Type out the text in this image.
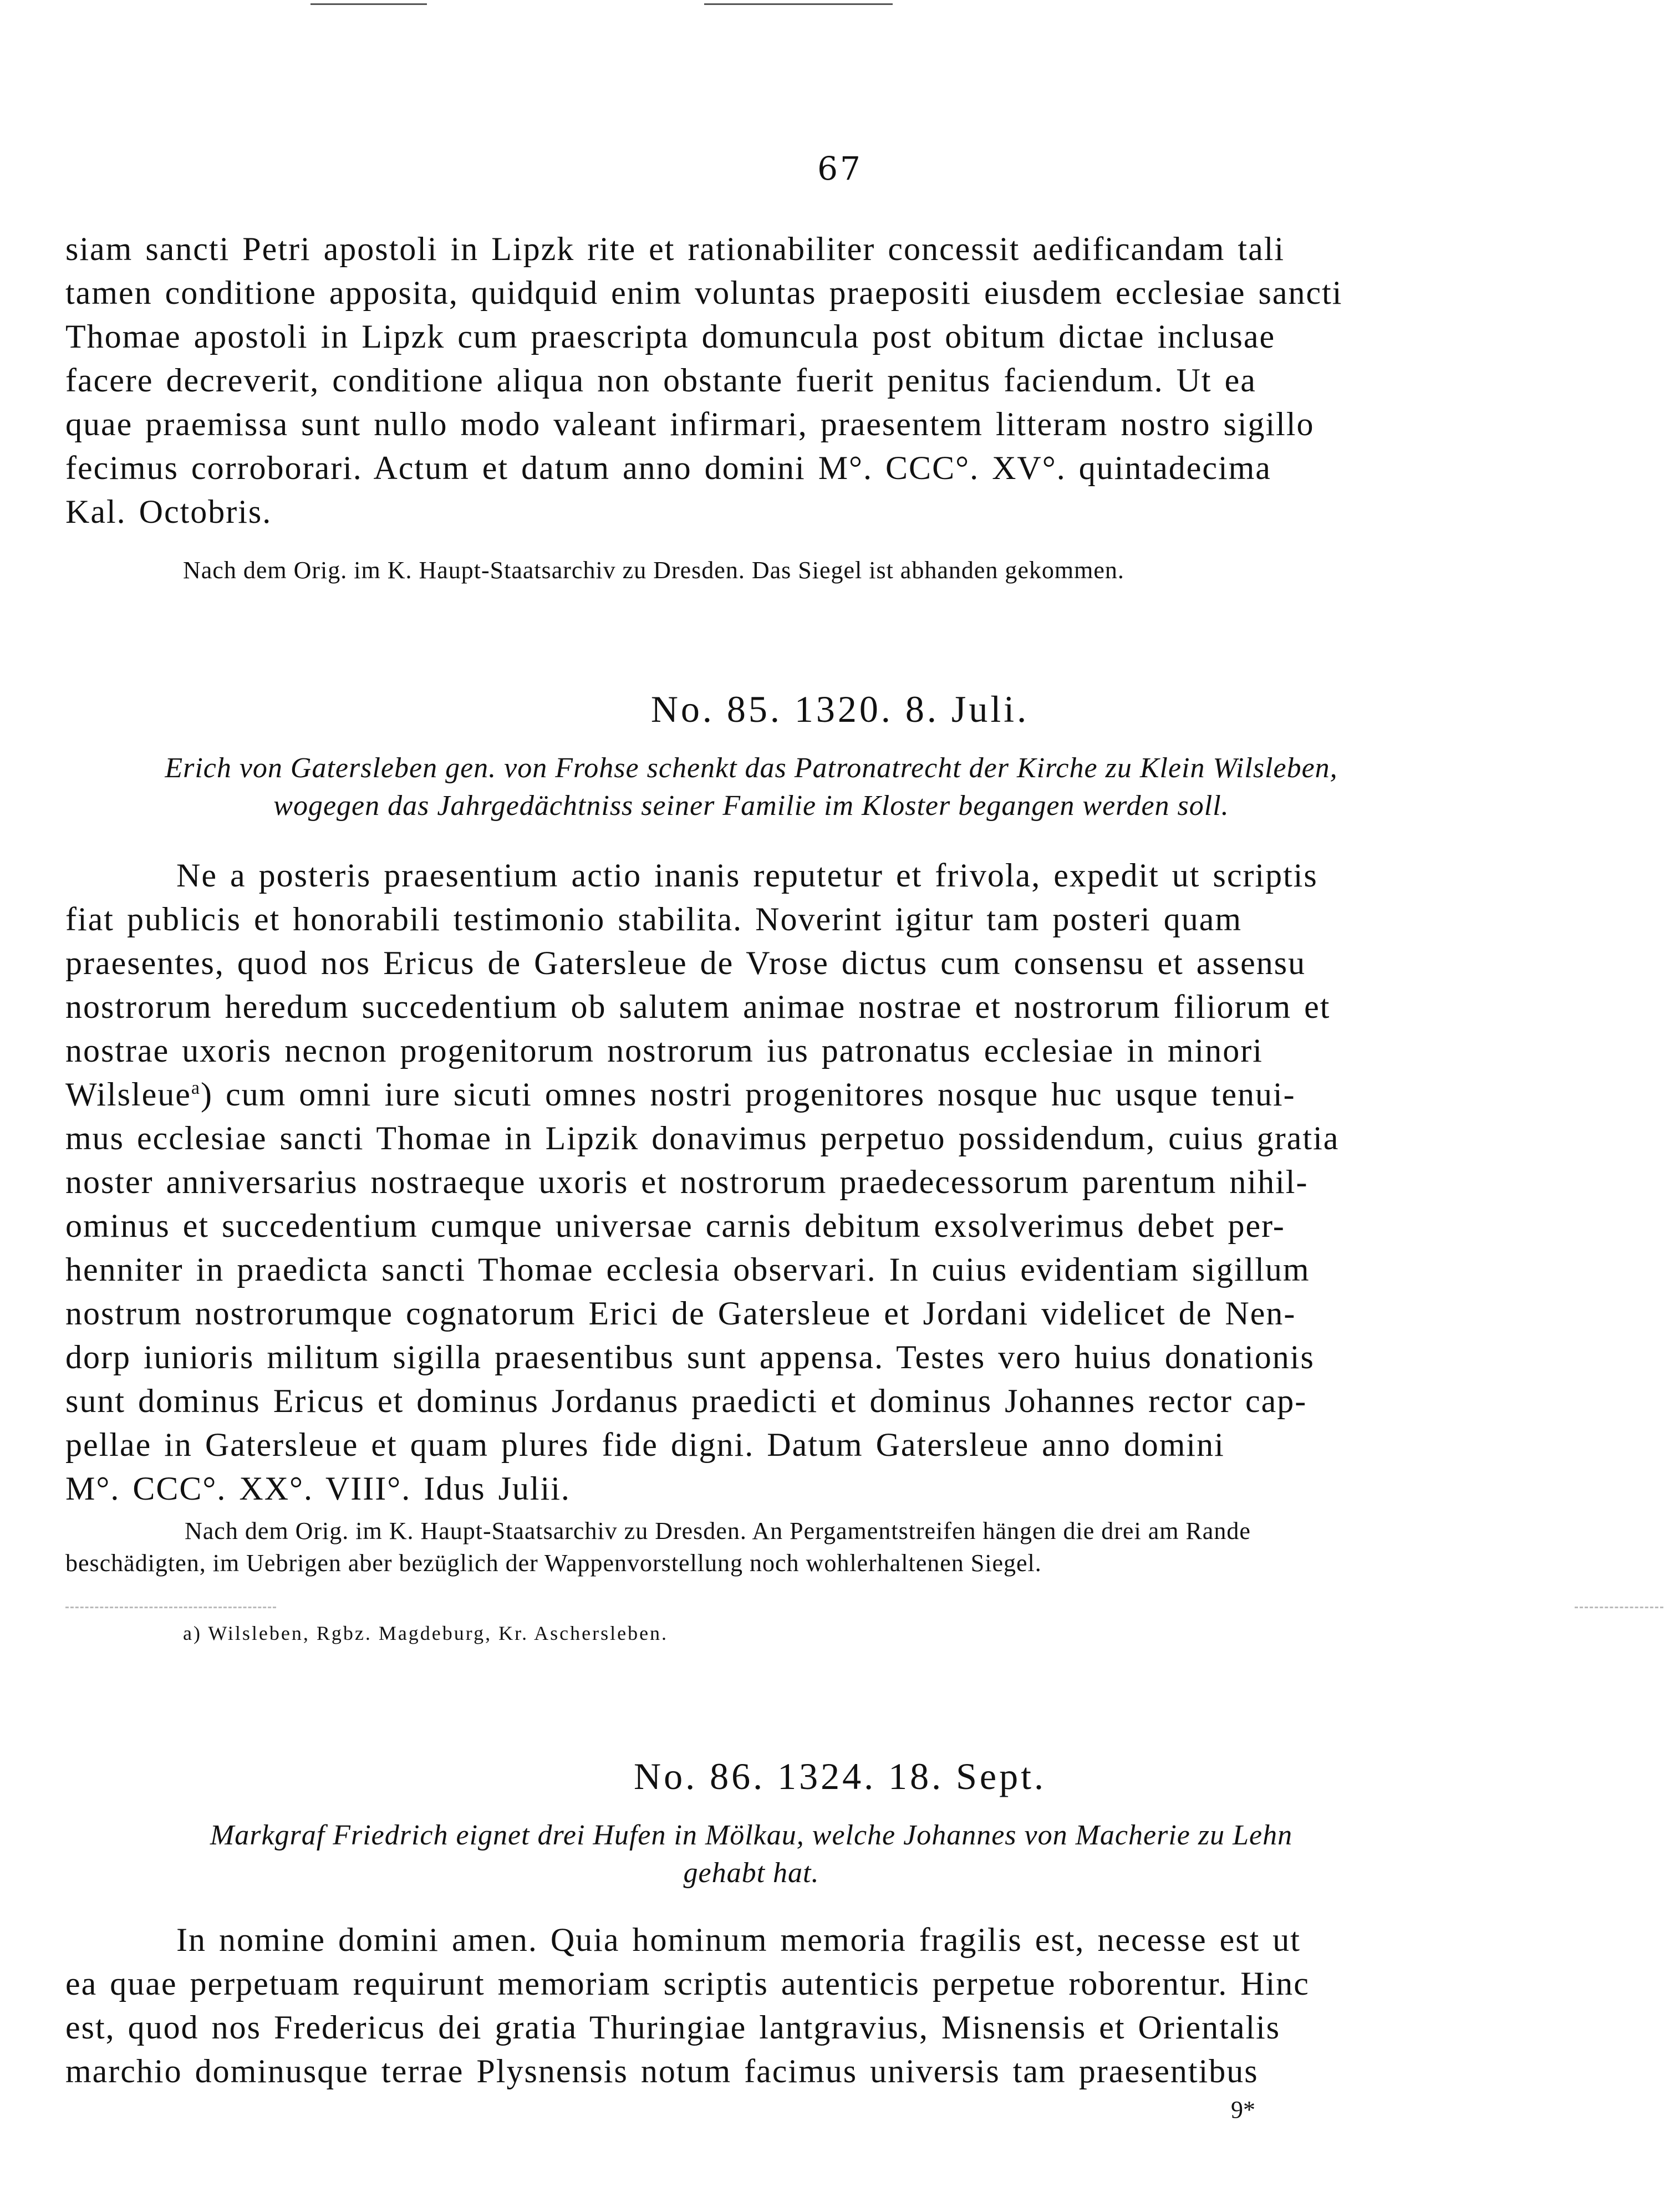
67

siam sancti Petri apostoli in Lipzk rite et rationabiliter concessit aedificandam tali

tamen conditione apposita, quidquid enim voluntas praepositi eiusdem ecclesiae sancti

Thomae apostoli in Lipzk cum praescripta domuncula post obitum dictae inclusae

facere decreverit, conditione aliqua non obstante fuerit penitus faciendum. Ut ea

quae praemissa sunt nullo modo valeant infirmari, praesentem litteram nostro sigillo

fecimus corroborari. Actum et datum anno domini M°. CCC°. XV°. quintadecima

Kal. Octobris.

Nach dem Orig. im K. Haupt-Staatsarchiv zu Dresden. Das Siegel ist abhanden gekommen.
No. 85. 1320. 8. Juli.
Erich von Gatersleben gen. von Frohse schenkt das Patronatrecht der Kirche zu Klein Wilsleben,
wogegen das Jahrgedächtniss seiner Familie im Kloster begangen werden soll.

Ne a posteris praesentium actio inanis reputetur et frivola, expedit ut scriptis

fiat publicis et honorabili testimonio stabilita. Noverint igitur tam posteri quam

praesentes, quod nos Ericus de Gatersleue de Vrose dictus cum consensu et assensu

nostrorum heredum succedentium ob salutem animae nostrae et nostrorum filiorum et

nostrae uxoris necnon progenitorum nostrorum ius patronatus ecclesiae in minori

Wilsleue$^a$) cum omni iure sicuti omnes nostri progenitores nosque huc usque tenui-

mus ecclesiae sancti Thomae in Lipzik donavimus perpetuo possidendum, cuius gratia

noster anniversarius nostraeque uxoris et nostrorum praedecessorum parentum nihil-

ominus et succedentium cumque universae carnis debitum exsolverimus debet per-

henniter in praedicta sancti Thomae ecclesia observari. In cuius evidentiam sigillum

nostrum nostrorumque cognatorum Erici de Gatersleue et Jordani videlicet de Nen-

dorp iunioris militum sigilla praesentibus sunt appensa. Testes vero huius donationis

sunt dominus Ericus et dominus Jordanus praedicti et dominus Johannes rector cap-

pellae in Gatersleue et quam plures fide digni. Datum Gatersleue anno domini

M°. CCC°. XX°. VIII°. Idus Julii.

Nach dem Orig. im K. Haupt-Staatsarchiv zu Dresden. An Pergamentstreifen hängen die drei am Rande
beschädigten, im Uebrigen aber bezüglich der Wappenvorstellung noch wohlerhaltenen Siegel.
a) Wilsleben, Rgbz. Magdeburg, Kr. Aschersleben.
No. 86. 1324. 18. Sept.
Markgraf Friedrich eignet drei Hufen in Mölkau, welche Johannes von Macherie zu Lehn
gehabt hat.

In nomine domini amen. Quia hominum memoria fragilis est, necesse est ut

ea quae perpetuam requirunt memoriam scriptis autenticis perpetue roborentur. Hinc

est, quod nos Fredericus dei gratia Thuringiae lantgravius, Misnensis et Orientalis

marchio dominusque terrae Plysnensis notum facimus universis tam praesentibus

9*
